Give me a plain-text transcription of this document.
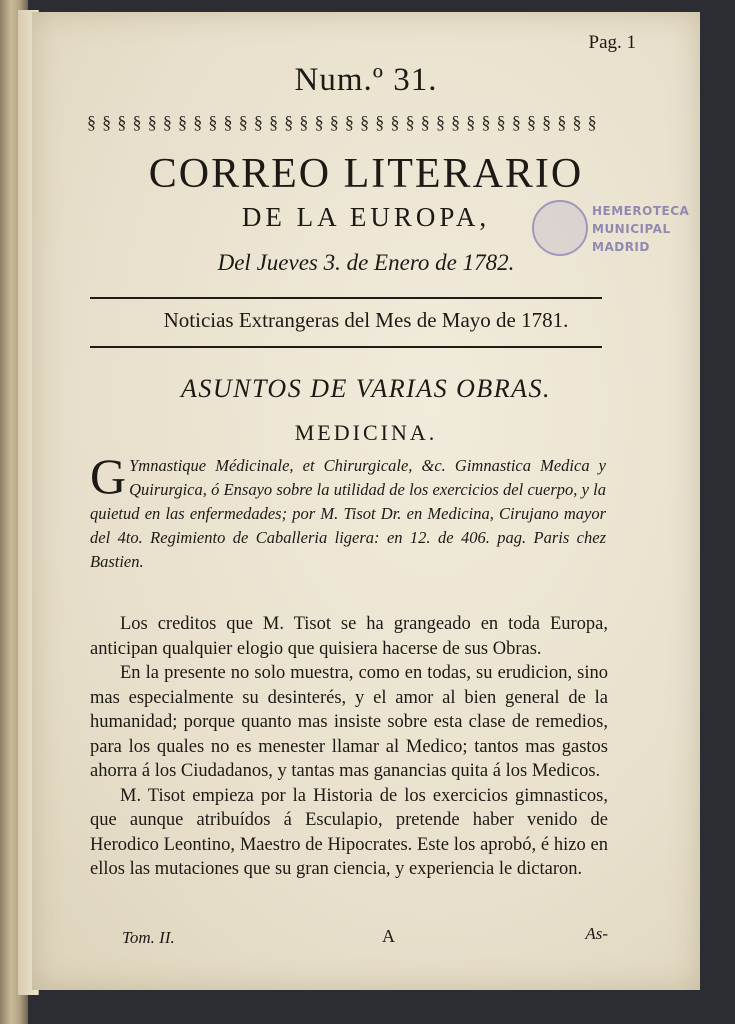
Pag. 1
Num.º 31.
§ § § § § § § § § § § § § § § § § § § § § § § § § § § § § § § § § §
CORREO LITERARIO
DE LA EUROPA,
Del Jueves 3. de Enero de 1782.
HEMEROTECA
MUNICIPAL
MADRID
Noticias Extrangeras del Mes de Mayo de 1781.
ASUNTOS DE VARIAS OBRAS.
MEDICINA.
G Ymnastique Médicinale, et Chirurgicale, &c. Gimnastica Medica y Quirurgica, ó Ensayo sobre la utilidad de los exercicios del cuerpo, y la quietud en las enfermedades; por M. Tisot Dr. en Medicina, Cirujano mayor del 4to. Regimiento de Caballeria ligera: en 12. de 406. pag. Paris chez Bastien.

Los creditos que M. Tisot se ha grangeado en toda Europa, anticipan qualquier elogio que quisiera hacerse de sus Obras.

En la presente no solo muestra, como en todas, su erudicion, sino mas especialmente su desinterés, y el amor al bien general de la humanidad; porque quanto mas insiste sobre esta clase de remedios, para los quales no es menester llamar al Medico; tantos mas gastos ahorra á los Ciudadanos, y tantas mas ganancias quita á los Medicos.

M. Tisot empieza por la Historia de los exercicios gimnasticos, que aunque atribuídos á Esculapio, pretende haber venido de Herodico Leontino, Maestro de Hipocrates. Este los aprobó, é hizo en ellos las mutaciones que su gran ciencia, y experiencia le dictaron.

Tom. II.	A	As-
